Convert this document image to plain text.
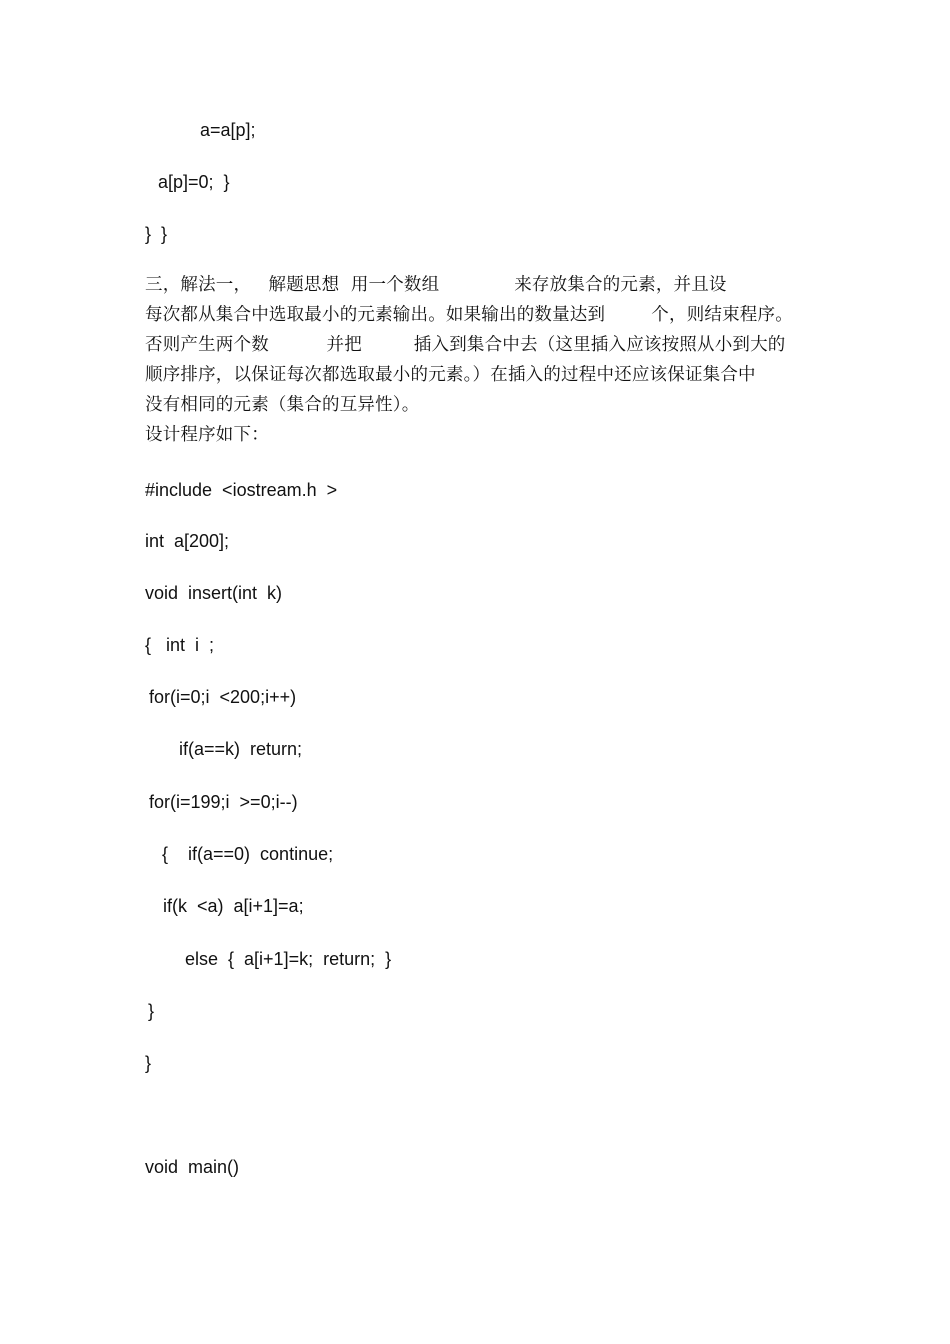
a=a[p];
a[p]=0;  }
}  }
三，解法一，   解题思想  用一个数组             来存放集合的元素，并且设
每次都从集合中选取最小的元素输出。如果输出的数量达到        个，则结束程序。
否则产生两个数          并把         插入到集合中去（这里插入应该按照从小到大的
顺序排序，以保证每次都选取最小的元素。）在插入的过程中还应该保证集合中
没有相同的元素（集合的互异性）。
设计程序如下：
#include  <iostream.h  >
int  a[200];
void  insert(int  k)
{   int  i  ;
for(i=0;i  <200;i++)
if(a==k)  return;
for(i=199;i  >=0;i--)
{    if(a==0)  continue;
if(k  <a)  a[i+1]=a;
else  {  a[i+1]=k;  return;  }
}
}
void  main()
